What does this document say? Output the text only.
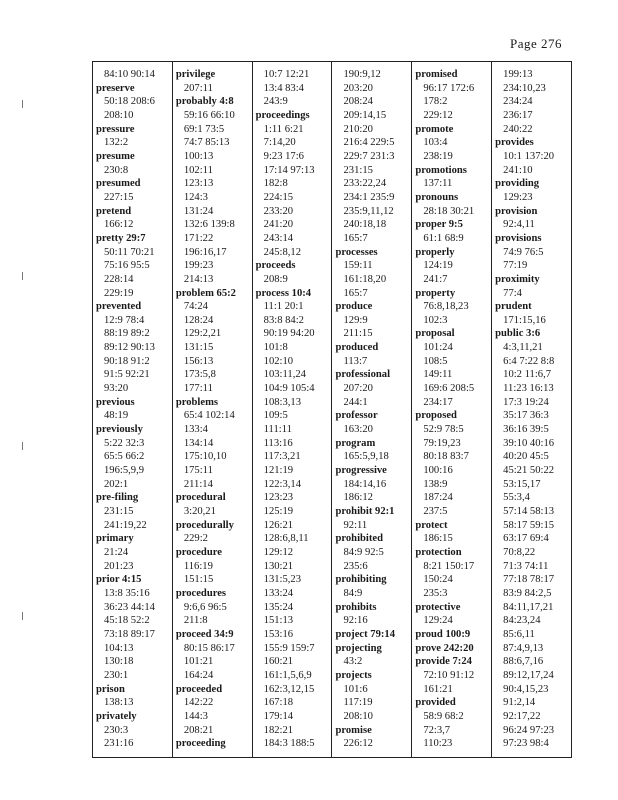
Page 276
84:10 90:14
preserve
50:18 208:6
208:10
pressure
132:2
presume
230:8
presumed
227:15
pretend
166:12
pretty 29:7
50:11 70:21
75:16 95:5
228:14
229:19
prevented
12:9 78:4
88:19 89:2
89:12 90:13
90:18 91:2
91:5 92:21
93:20
previous
48:19
previously
5:22 32:3
65:5 66:2
196:5,9,9
202:1
pre-filing
231:15
241:19,22
primary
21:24
201:23
prior 4:15
13:8 35:16
36:23 44:14
45:18 52:2
73:18 89:17
104:13
130:18
230:1
prison
138:13
privately
230:3
231:16
privilege
207:11
probably 4:8
59:16 66:10
69:1 73:5
74:7 85:13
100:13
102:11
123:13
124:3
131:24
132:6 139:8
171:22
196:16,17
199:23
214:13
problem 65:2
74:24
128:24
129:2,21
131:15
156:13
173:5,8
177:11
problems
65:4 102:14
133:4
134:14
175:10,10
175:11
211:14
procedural
3:20,21
procedurally
229:2
procedure
116:19
151:15
procedures
9:6,6 96:5
211:8
proceed 34:9
80:15 86:17
101:21
164:24
proceeded
142:22
144:3
208:21
proceeding
10:7 12:21
13:4 83:4
243:9
proceedings
1:11 6:21
7:14,20
9:23 17:6
17:14 97:13
182:8
224:15
233:20
241:20
243:14
245:8,12
proceeds
208:9
process 10:4
11:1 20:1
83:8 84:2
90:19 94:20
101:8
102:10
103:11,24
104:9 105:4
108:3,13
109:5
111:11
113:16
117:3,21
121:19
122:3,14
123:23
125:19
126:21
128:6,8,11
129:12
130:21
131:5,23
133:24
135:24
151:13
153:16
155:9 159:7
160:21
161:1,5,6,9
162:3,12,15
167:18
179:14
182:21
184:3 188:5
190:9,12
203:20
208:24
209:14,15
210:20
216:4 229:5
229:7 231:3
231:15
233:22,24
234:1 235:9
235:9,11,12
240:18,18
165:7
processes
159:11
161:18,20
165:7
produce
129:9
211:15
produced
113:7
professional
207:20
244:1
professor
163:20
program
165:5,9,18
progressive
184:14,16
186:12
prohibit 92:1
92:11
prohibited
84:9 92:5
235:6
prohibiting
84:9
prohibits
92:16
project 79:14
projecting
43:2
projects
101:6
117:19
208:10
promise
226:12
promised
96:17 172:6
178:2
229:12
promote
103:4
238:19
promotions
137:11
pronouns
28:18 30:21
proper 9:5
61:1 68:9
properly
124:19
241:7
property
76:8,18,23
102:3
proposal
101:24
108:5
149:11
169:6 208:5
234:17
proposed
52:9 78:5
79:19,23
80:18 83:7
100:16
138:9
187:24
237:5
protect
186:15
protection
8:21 150:17
150:24
235:3
protective
129:24
proud 100:9
prove 242:20
provide 7:24
72:10 91:12
161:21
provided
58:9 68:2
72:3,7
110:23
199:13
234:10,23
234:24
236:17
240:22
provides
10:1 137:20
241:10
providing
129:23
provision
92:4,11
provisions
74:9 76:5
77:19
proximity
77:4
prudent
171:15,16
public 3:6
4:3,11,21
6:4 7:22 8:8
10:2 11:6,7
11:23 16:13
17:3 19:24
35:17 36:3
36:16 39:5
39:10 40:16
40:20 45:5
45:21 50:22
53:15,17
55:3,4
57:14 58:13
58:17 59:15
63:17 69:4
70:8,22
71:3 74:11
77:18 78:17
83:9 84:2,5
84:11,17,21
84:23,24
85:6,11
87:4,9,13
88:6,7,16
89:12,17,24
90:4,15,23
91:2,14
92:17,22
96:24 97:23
97:23 98:4
